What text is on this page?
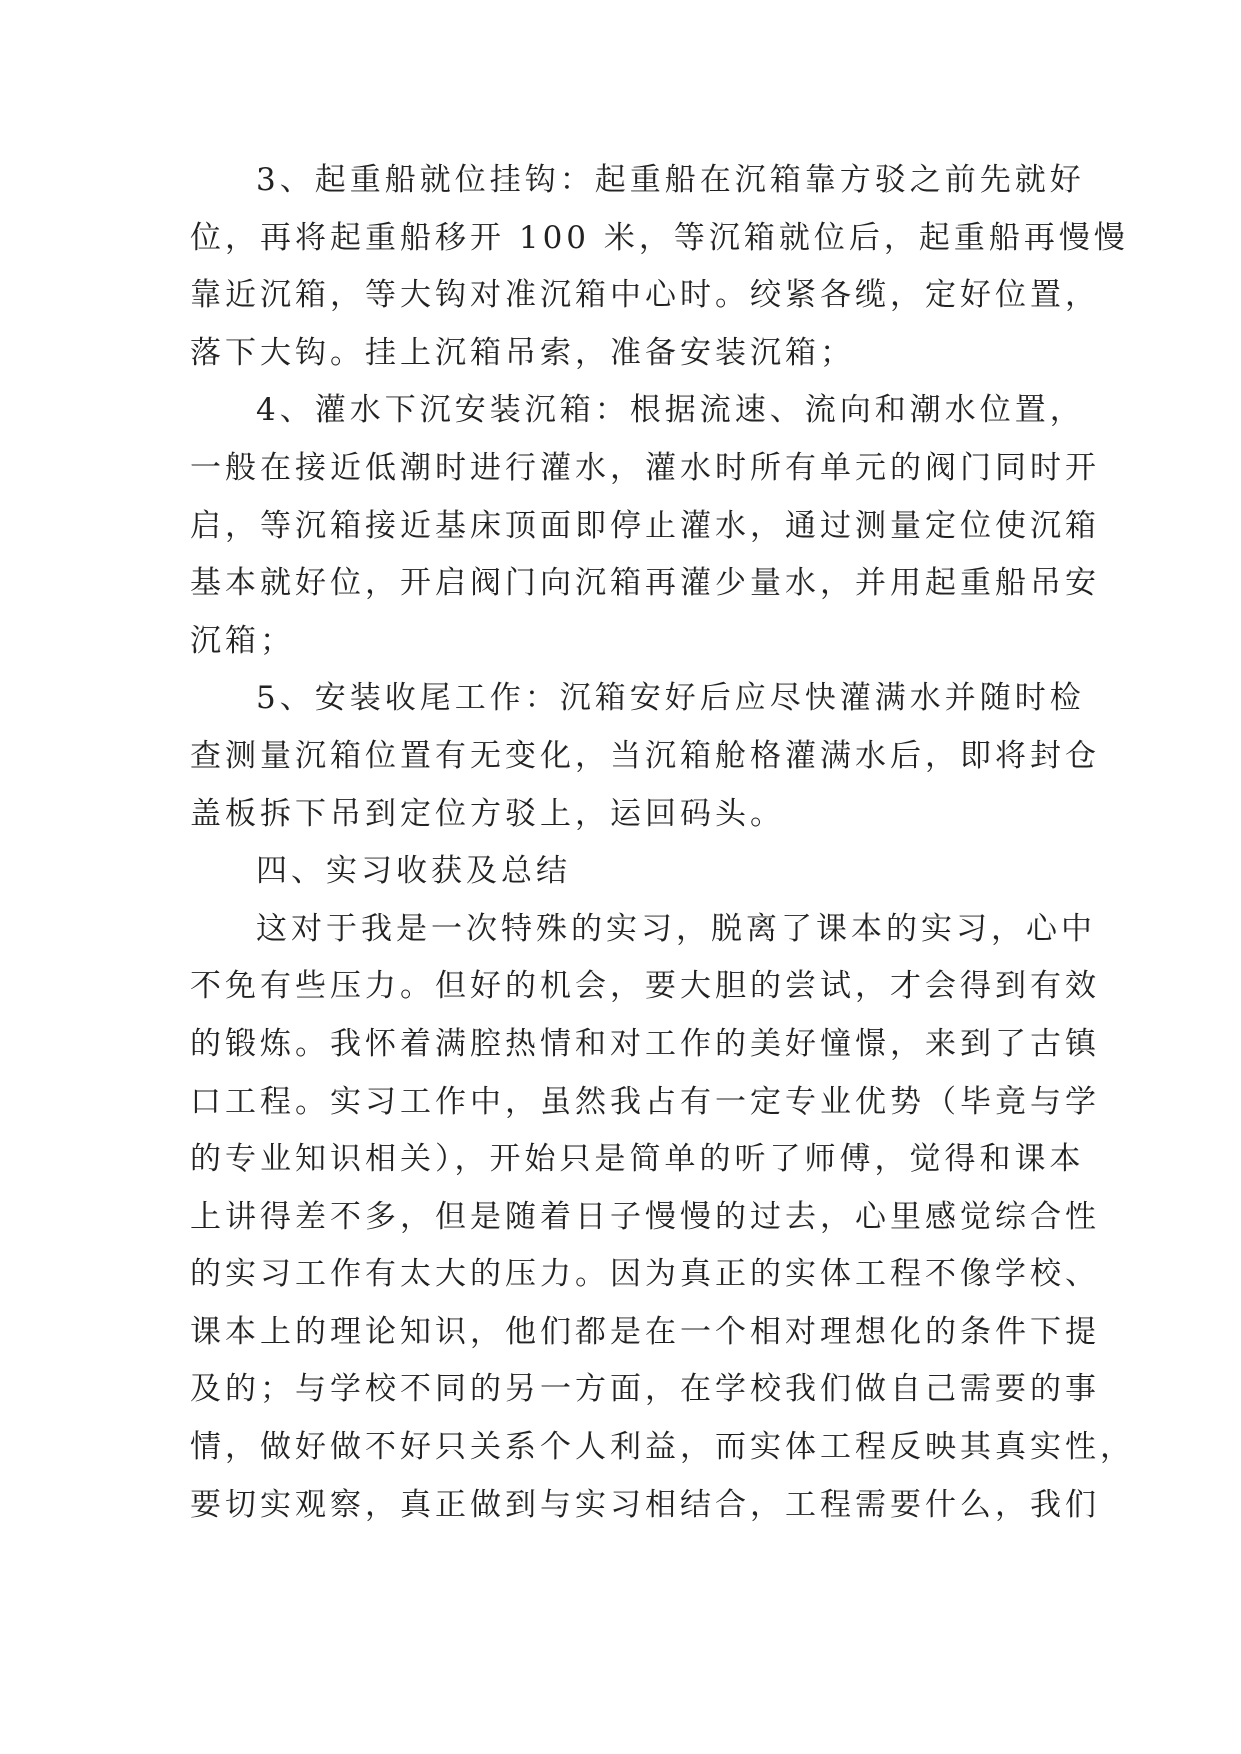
3、起重船就位挂钩：起重船在沉箱靠方驳之前先就好
位，再将起重船移开 100 米，等沉箱就位后，起重船再慢慢
靠近沉箱，等大钩对准沉箱中心时。绞紧各缆，定好位置，
落下大钩。挂上沉箱吊索，准备安装沉箱；
4、灌水下沉安装沉箱：根据流速、流向和潮水位置，
一般在接近低潮时进行灌水，灌水时所有单元的阀门同时开
启，等沉箱接近基床顶面即停止灌水，通过测量定位使沉箱
基本就好位，开启阀门向沉箱再灌少量水，并用起重船吊安
沉箱；
5、安装收尾工作：沉箱安好后应尽快灌满水并随时检
查测量沉箱位置有无变化，当沉箱舱格灌满水后，即将封仓
盖板拆下吊到定位方驳上，运回码头。
四、实习收获及总结
这对于我是一次特殊的实习，脱离了课本的实习，心中
不免有些压力。但好的机会，要大胆的尝试，才会得到有效
的锻炼。我怀着满腔热情和对工作的美好憧憬，来到了古镇
口工程。实习工作中，虽然我占有一定专业优势（毕竟与学
的专业知识相关），开始只是简单的听了师傅，觉得和课本
上讲得差不多，但是随着日子慢慢的过去，心里感觉综合性
的实习工作有太大的压力。因为真正的实体工程不像学校、
课本上的理论知识，他们都是在一个相对理想化的条件下提
及的；与学校不同的另一方面，在学校我们做自己需要的事
情，做好做不好只关系个人利益，而实体工程反映其真实性，
要切实观察，真正做到与实习相结合，工程需要什么，我们
